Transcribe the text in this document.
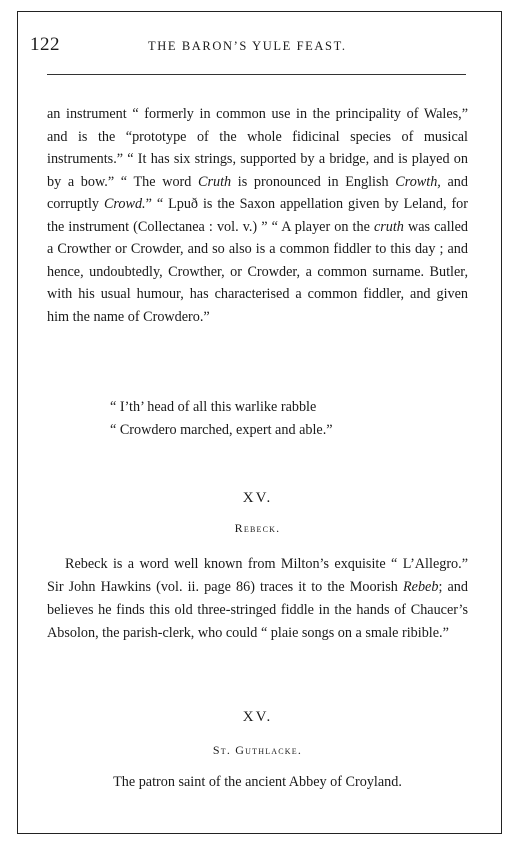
122	THE BARON’S YULE FEAST.

an instrument “ formerly in common use in the principality of Wales,” and is the “prototype of the whole fidicinal species of musical instruments.” “ It has six strings, supported by a bridge, and is played on by a bow.” “ The word Cruth is pronounced in English Crowth, and corruptly Crowd.” “ Lpuð is the Saxon appellation given by Leland, for the instrument (Collectanea : vol. v.) ” “ A player on the cruth was called a Crowther or Crowder, and so also is a common fiddler to this day ; and hence, undoubtedly, Crowther, or Crowder, a common surname. Butler, with his usual humour, has characterised a common fiddler, and given him the name of Crowdero.”

“ I’th’ head of all this warlike rabble
“ Crowdero marched, expert and able.”
XV.
Rebeck.
Rebeck is a word well known from Milton’s exquisite “ L’Allegro.” Sir John Hawkins (vol. ii. page 86) traces it to the Moorish Rebeb; and believes he finds this old three-stringed fiddle in the hands of Chaucer’s Absolon, the parish-clerk, who could “ plaie songs on a smale ribible.”
XV.
St. Guthlacke.
The patron saint of the ancient Abbey of Croyland.
